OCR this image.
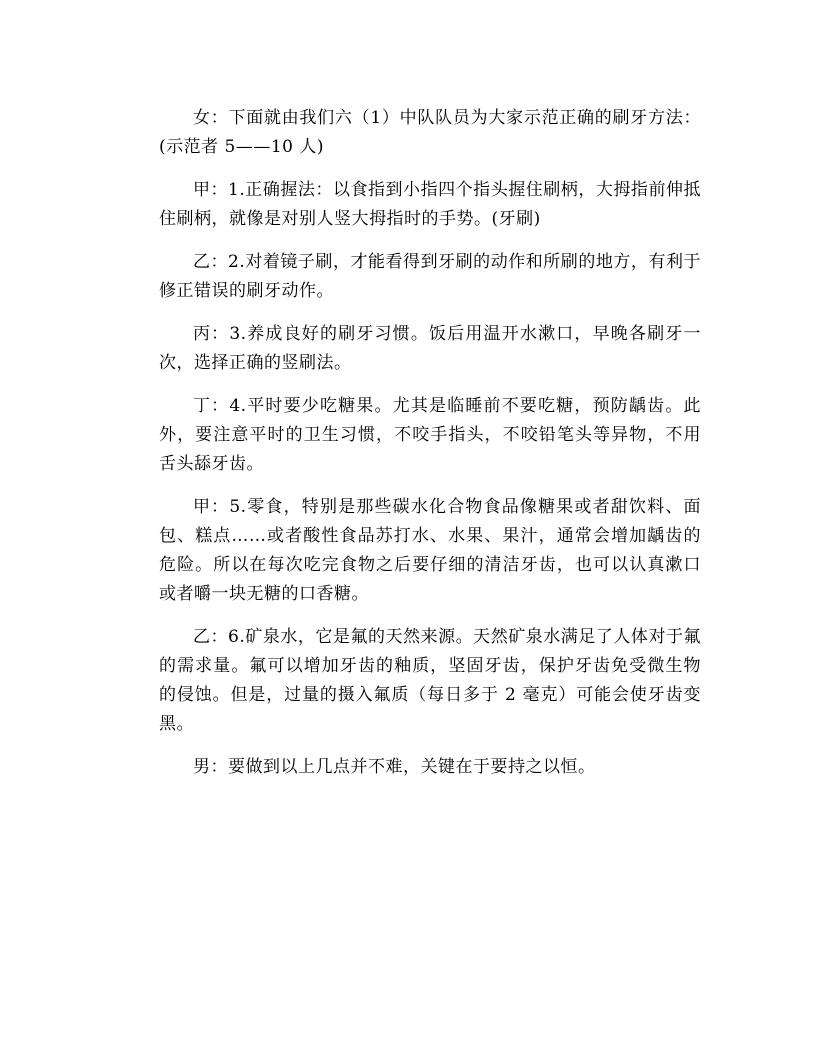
女：下面就由我们六（1）中队队员为大家示范正确的刷牙方法：(示范者 5——10 人)

甲：1.正确握法：以食指到小指四个指头握住刷柄，大拇指前伸抵住刷柄，就像是对别人竖大拇指时的手势。(牙刷)

乙：2.对着镜子刷，才能看得到牙刷的动作和所刷的地方，有利于修正错误的刷牙动作。

丙：3.养成良好的刷牙习惯。饭后用温开水漱口，早晚各刷牙一次，选择正确的竖刷法。

丁：4.平时要少吃糖果。尤其是临睡前不要吃糖，预防龋齿。此外，要注意平时的卫生习惯，不咬手指头，不咬铅笔头等异物，不用舌头舔牙齿。

甲：5.零食，特别是那些碳水化合物食品像糖果或者甜饮料、面包、糕点……或者酸性食品苏打水、水果、果汁，通常会增加龋齿的危险。所以在每次吃完食物之后要仔细的清洁牙齿，也可以认真漱口或者嚼一块无糖的口香糖。

乙：6.矿泉水，它是氟的天然来源。天然矿泉水满足了人体对于氟的需求量。氟可以增加牙齿的釉质，坚固牙齿，保护牙齿免受微生物的侵蚀。但是，过量的摄入氟质（每日多于 2 毫克）可能会使牙齿变黑。

男：要做到以上几点并不难，关键在于要持之以恒。
